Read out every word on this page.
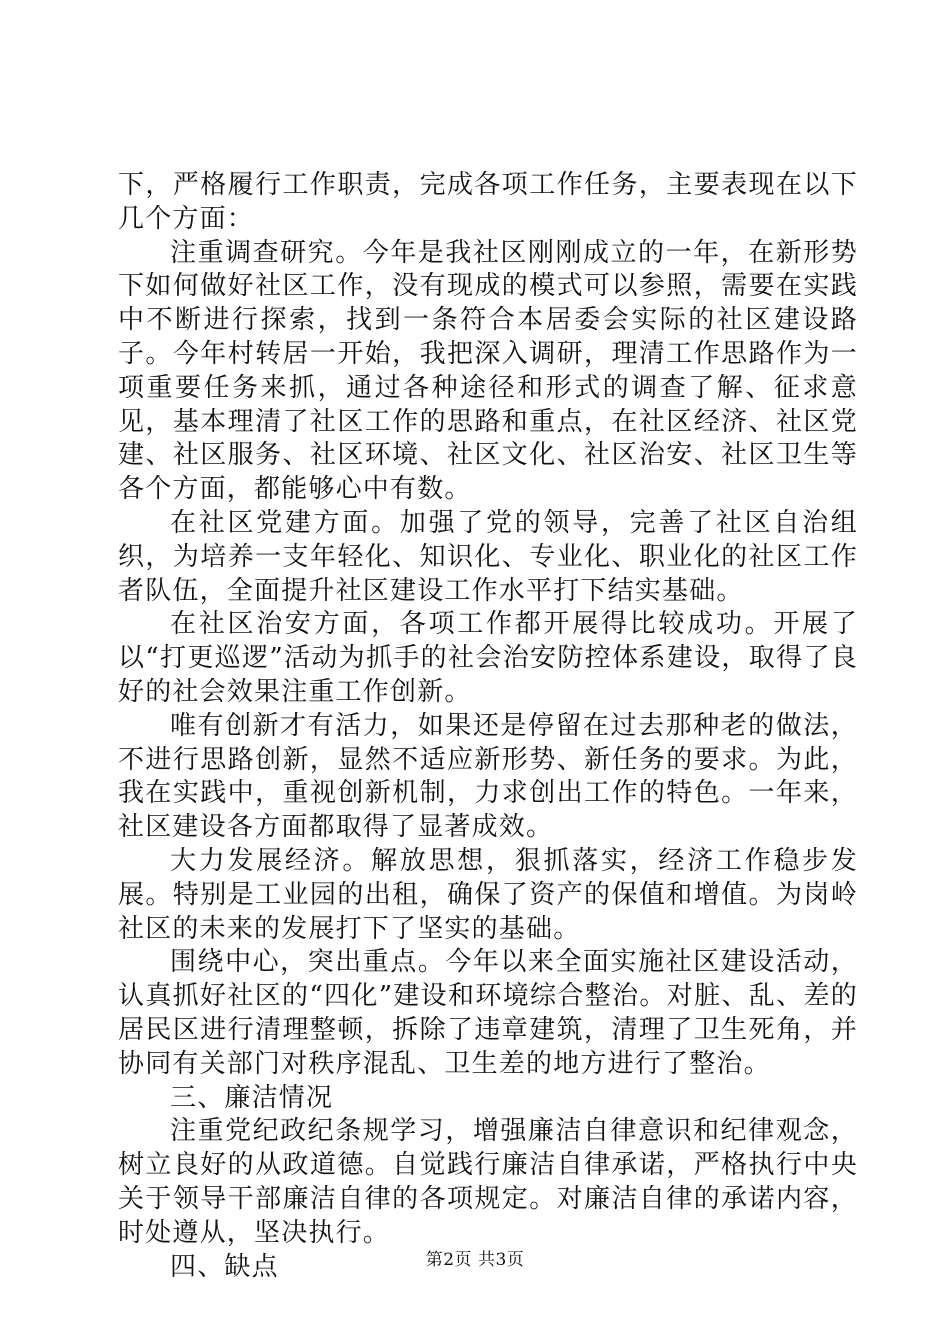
下，严格履行工作职责，完成各项工作任务，主要表现在以下几个方面：

注重调查研究。今年是我社区刚刚成立的一年，在新形势下如何做好社区工作，没有现成的模式可以参照，需要在实践中不断进行探索，找到一条符合本居委会实际的社区建设路子。今年村转居一开始，我把深入调研，理清工作思路作为一项重要任务来抓，通过各种途径和形式的调查了解、征求意见，基本理清了社区工作的思路和重点，在社区经济、社区党建、社区服务、社区环境、社区文化、社区治安、社区卫生等各个方面，都能够心中有数。

在社区党建方面。加强了党的领导，完善了社区自治组织，为培养一支年轻化、知识化、专业化、职业化的社区工作者队伍，全面提升社区建设工作水平打下结实基础。

在社区治安方面，各项工作都开展得比较成功。开展了以“打更巡逻”活动为抓手的社会治安防控体系建设，取得了良好的社会效果注重工作创新。

唯有创新才有活力，如果还是停留在过去那种老的做法，不进行思路创新，显然不适应新形势、新任务的要求。为此，我在实践中，重视创新机制，力求创出工作的特色。一年来，社区建设各方面都取得了显著成效。

大力发展经济。解放思想，狠抓落实，经济工作稳步发展。特别是工业园的出租，确保了资产的保值和增值。为岗岭社区的未来的发展打下了坚实的基础。

围绕中心，突出重点。今年以来全面实施社区建设活动，认真抓好社区的“四化”建设和环境综合整治。对脏、乱、差的居民区进行清理整顿，拆除了违章建筑，清理了卫生死角，并协同有关部门对秩序混乱、卫生差的地方进行了整治。

三、廉洁情况

注重党纪政纪条规学习，增强廉洁自律意识和纪律观念，树立良好的从政道德。自觉践行廉洁自律承诺，严格执行中央关于领导干部廉洁自律的各项规定。对廉洁自律的承诺内容，时处遵从，坚决执行。

四、缺点	第2页 共3页
